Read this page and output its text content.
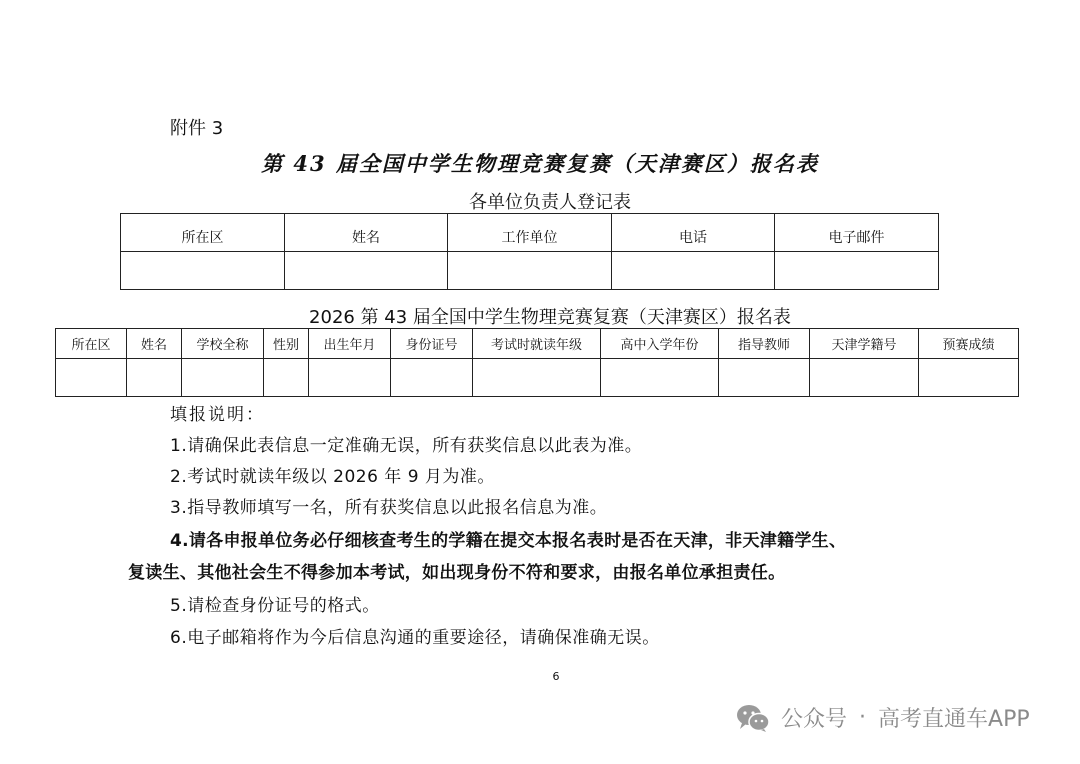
附件 3
第 43 届全国中学生物理竞赛复赛（天津赛区）报名表
各单位负责人登记表
所在区	姓名	工作单位	电话	电子邮件

2026 第 43 届全国中学生物理竞赛复赛（天津赛区）报名表
所在区	姓名	学校全称	性别	出生年月	身份证号	考试时就读年级	高中入学年份	指导教师	天津学籍号	预赛成绩

填报说明：
1.请确保此表信息一定准确无误，所有获奖信息以此表为准。
2.考试时就读年级以 2026 年 9 月为准。
3.指导教师填写一名，所有获奖信息以此报名信息为准。
4.请各申报单位务必仔细核查考生的学籍在提交本报名表时是否在天津，非天津籍学生、
复读生、其他社会生不得参加本考试，如出现身份不符和要求，由报名单位承担责任。
5.请检查身份证号的格式。
6.电子邮箱将作为今后信息沟通的重要途径，请确保准确无误。
6
公众号 · 高考直通车APP
